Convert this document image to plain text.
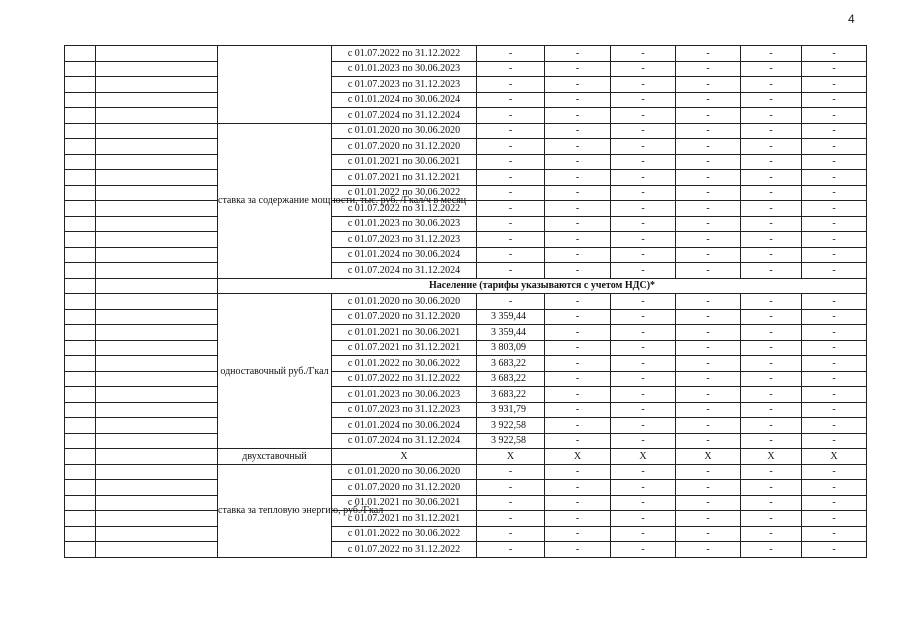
4
			с 01.07.2022 по 31.12.2022	-	-	-	-	-	-
			с 01.01.2023 по 30.06.2023	-	-	-	-	-	-
			с 01.07.2023 по 31.12.2023	-	-	-	-	-	-
			с 01.01.2024 по 30.06.2024	-	-	-	-	-	-
			с 01.07.2024 по 31.12.2024	-	-	-	-	-	-
		ставка за содержание мощности, тыс. руб. /Гкал/ч в месяц	с 01.01.2020 по 30.06.2020	-	-	-	-	-	-
			с 01.07.2020 по 31.12.2020	-	-	-	-	-	-
			с 01.01.2021 по 30.06.2021	-	-	-	-	-	-
			с 01.07.2021 по 31.12.2021	-	-	-	-	-	-
			с 01.01.2022 по 30.06.2022	-	-	-	-	-	-
			с 01.07.2022 по 31.12.2022	-	-	-	-	-	-
			с 01.01.2023 по 30.06.2023	-	-	-	-	-	-
			с 01.07.2023 по 31.12.2023	-	-	-	-	-	-
			с 01.01.2024 по 30.06.2024	-	-	-	-	-	-
			с 01.07.2024 по 31.12.2024	-	-	-	-	-	-
		Население (тарифы указываются с учетом НДС)*							
		одноставочный руб./Гкал	с 01.01.2020 по 30.06.2020	-	-	-	-	-	-
			с 01.07.2020 по 31.12.2020	3 359,44	-	-	-	-	-
			с 01.01.2021 по 30.06.2021	3 359,44	-	-	-	-	-
			с 01.07.2021 по 31.12.2021	3 803,09	-	-	-	-	-
			с 01.01.2022 по 30.06.2022	3 683,22	-	-	-	-	-
			с 01.07.2022 по 31.12.2022	3 683,22	-	-	-	-	-
			с 01.01.2023 по 30.06.2023	3 683,22	-	-	-	-	-
			с 01.07.2023 по 31.12.2023	3 931,79	-	-	-	-	-
			с 01.01.2024 по 30.06.2024	3 922,58	-	-	-	-	-
			с 01.07.2024 по 31.12.2024	3 922,58	-	-	-	-	-
		двухставочный	Х	Х	Х	Х	Х	Х	Х
		ставка за тепловую энергию, руб./Гкал	с 01.01.2020 по 30.06.2020	-	-	-	-	-	-
			с 01.07.2020 по 31.12.2020	-	-	-	-	-	-
			с 01.01.2021 по 30.06.2021	-	-	-	-	-	-
			с 01.07.2021 по 31.12.2021	-	-	-	-	-	-
			с 01.01.2022 по 30.06.2022	-	-	-	-	-	-
			с 01.07.2022 по 31.12.2022	-	-	-	-	-	-
